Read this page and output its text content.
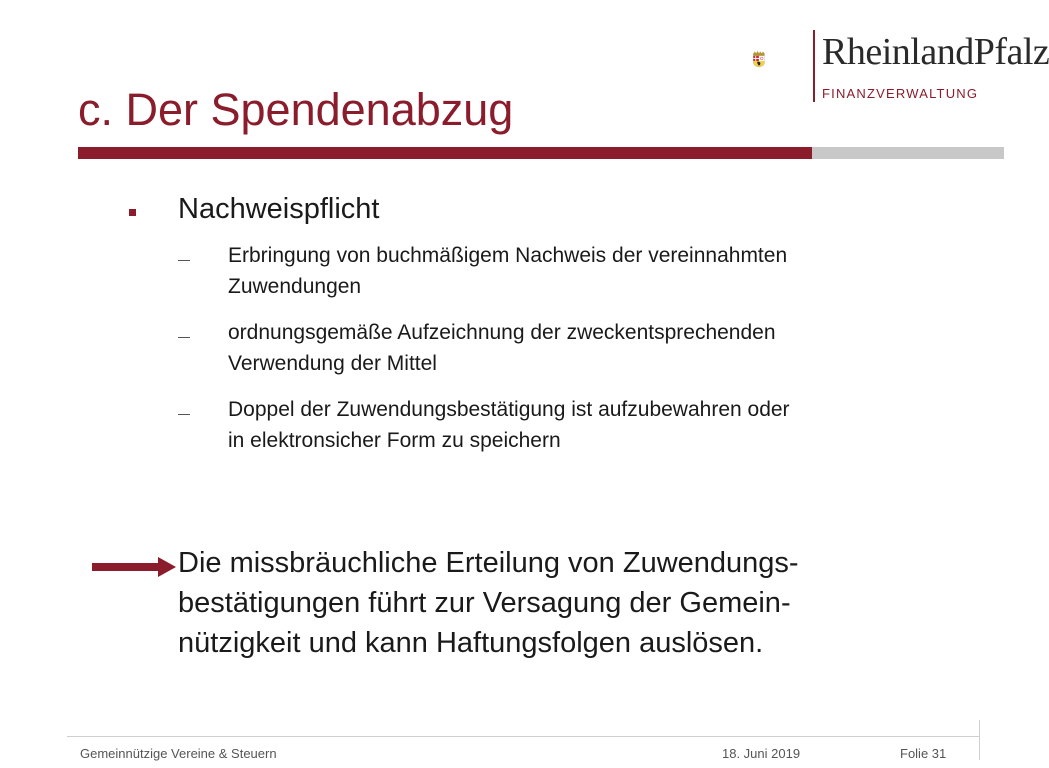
RheinlandPfalz
FINANZVERWALTUNG
c. Der Spendenabzug
Nachweispflicht
Erbringung von buchmäßigem Nachweis der vereinnahmten
Zuwendungen
ordnungsgemäße Aufzeichnung der zweckentsprechenden
Verwendung der Mittel
Doppel der Zuwendungsbestätigung ist aufzubewahren oder
in elektronsicher Form zu speichern
Die missbräuchliche Erteilung von Zuwendungs-
bestätigungen führt zur Versagung der Gemein-
nützigkeit und kann Haftungsfolgen auslösen.
Gemeinnützige Vereine & Steuern	18. Juni 2019	Folie 31
